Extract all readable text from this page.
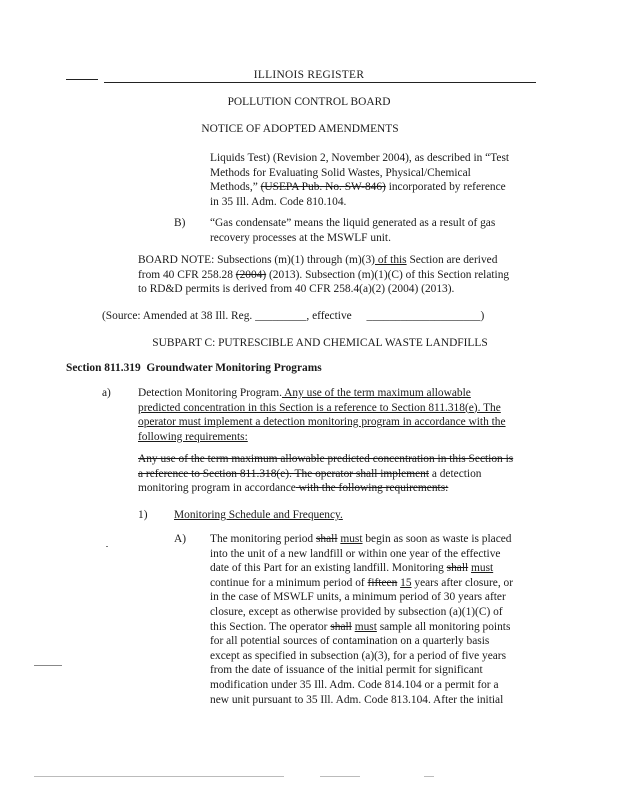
ILLINOIS REGISTER
POLLUTION CONTROL BOARD
NOTICE OF ADOPTED AMENDMENTS

Liquids Test) (Revision 2, November 2004), as described in “Test

Methods for Evaluating Solid Wastes, Physical/Chemical

Methods,” (USEPA Pub. No. SW-846) incorporated by reference

in 35 Ill. Adm. Code 810.104.

B) “Gas condensate” means the liquid generated as a result of gas

recovery processes at the MSWLF unit.

BOARD NOTE: Subsections (m)(1) through (m)(3) of this Section are derived

from 40 CFR 258.28 (2004) (2013). Subsection (m)(1)(C) of this Section relating

to RD&D permits is derived from 40 CFR 258.4(a)(2) (2004) (2013).

(Source: Amended at 38 Ill. Reg. _________, effective ____________________)
SUBPART C: PUTRESCIBLE AND CHEMICAL WASTE LANDFILLS
Section 811.319 Groundwater Monitoring Programs
a) Detection Monitoring Program. Any use of the term maximum allowable

predicted concentration in this Section is a reference to Section 811.318(e). The

operator must implement a detection monitoring program in accordance with the

following requirements:

Any use of the term maximum allowable predicted concentration in this Section is

a reference to Section 811.318(e). The operator shall implement a detection

monitoring program in accordance with the following requirements:

1) Monitoring Schedule and Frequency.
A) The monitoring period shall must begin as soon as waste is placed

into the unit of a new landfill or within one year of the effective

date of this Part for an existing landfill. Monitoring shall must

continue for a minimum period of fifteen 15 years after closure, or

in the case of MSWLF units, a minimum period of 30 years after

closure, except as otherwise provided by subsection (a)(1)(C) of

this Section. The operator shall must sample all monitoring points

for all potential sources of contamination on a quarterly basis

except as specified in subsection (a)(3), for a period of five years

from the date of issuance of the initial permit for significant

modification under 35 Ill. Adm. Code 814.104 or a permit for a

new unit pursuant to 35 Ill. Adm. Code 813.104. After the initial
